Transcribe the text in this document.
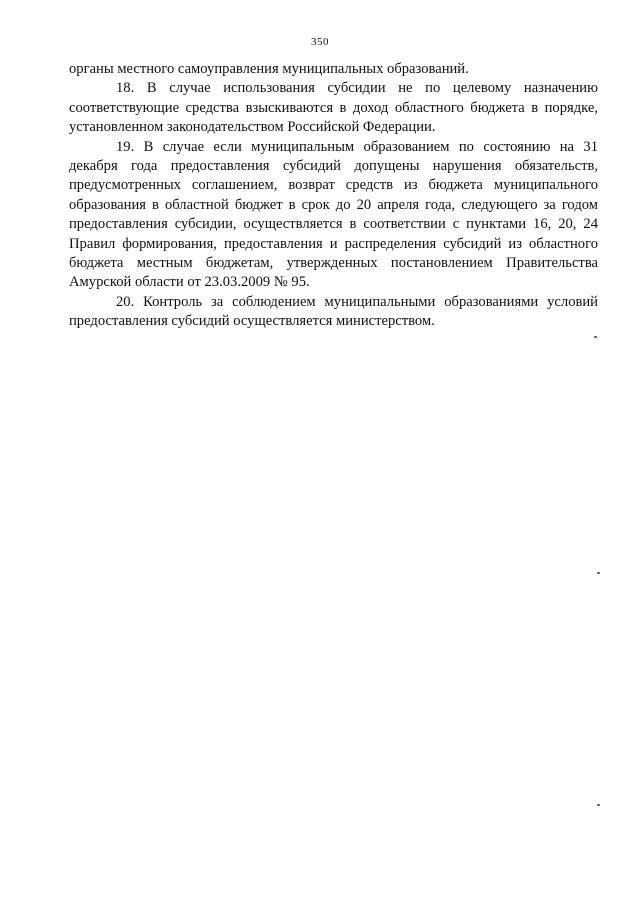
350

органы местного самоуправления муниципальных образований.

18. В случае использования субсидии не по целевому назначению соответствующие средства взыскиваются в доход областного бюджета в порядке, установленном законодательством Российской Федерации.

19. В случае если муниципальным образованием по состоянию на 31 декабря года предоставления субсидий допущены нарушения обязательств, предусмотренных соглашением, возврат средств из бюджета муниципального образования в областной бюджет в срок до 20 апреля года, следующего за годом предоставления субсидии, осуществляется в соответствии с пунктами 16, 20, 24 Правил формирования, предоставления и распределения субсидий из областного бюджета местным бюджетам, утвержденных постановлением Правительства Амурской области от 23.03.2009 № 95.

20. Контроль за соблюдением муниципальными образованиями условий предоставления субсидий осуществляется министерством.
